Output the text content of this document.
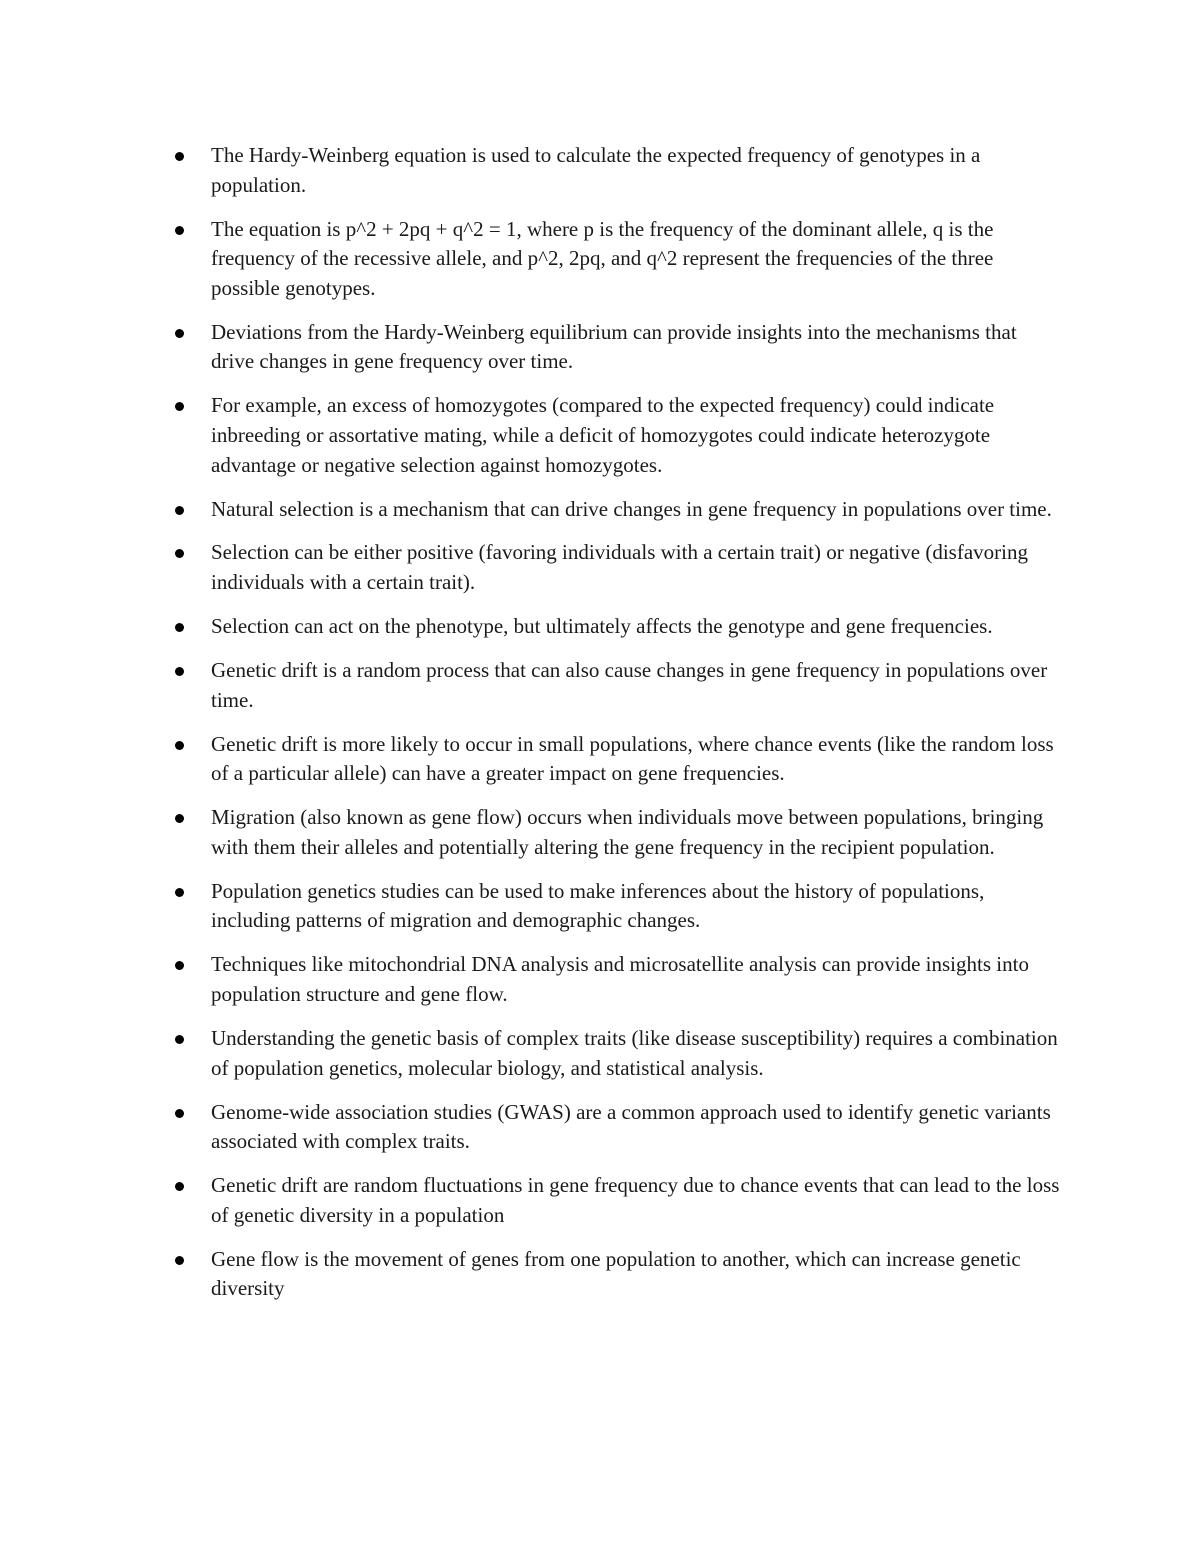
The Hardy-Weinberg equation is used to calculate the expected frequency of genotypes in a population.
The equation is p^2 + 2pq + q^2 = 1, where p is the frequency of the dominant allele, q is the frequency of the recessive allele, and p^2, 2pq, and q^2 represent the frequencies of the three possible genotypes.
Deviations from the Hardy-Weinberg equilibrium can provide insights into the mechanisms that drive changes in gene frequency over time.
For example, an excess of homozygotes (compared to the expected frequency) could indicate inbreeding or assortative mating, while a deficit of homozygotes could indicate heterozygote advantage or negative selection against homozygotes.
Natural selection is a mechanism that can drive changes in gene frequency in populations over time.
Selection can be either positive (favoring individuals with a certain trait) or negative (disfavoring individuals with a certain trait).
Selection can act on the phenotype, but ultimately affects the genotype and gene frequencies.
Genetic drift is a random process that can also cause changes in gene frequency in populations over time.
Genetic drift is more likely to occur in small populations, where chance events (like the random loss of a particular allele) can have a greater impact on gene frequencies.
Migration (also known as gene flow) occurs when individuals move between populations, bringing with them their alleles and potentially altering the gene frequency in the recipient population.
Population genetics studies can be used to make inferences about the history of populations, including patterns of migration and demographic changes.
Techniques like mitochondrial DNA analysis and microsatellite analysis can provide insights into population structure and gene flow.
Understanding the genetic basis of complex traits (like disease susceptibility) requires a combination of population genetics, molecular biology, and statistical analysis.
Genome-wide association studies (GWAS) are a common approach used to identify genetic variants associated with complex traits.
Genetic drift are random fluctuations in gene frequency due to chance events that can lead to the loss of genetic diversity in a population
Gene flow is the movement of genes from one population to another, which can increase genetic diversity
